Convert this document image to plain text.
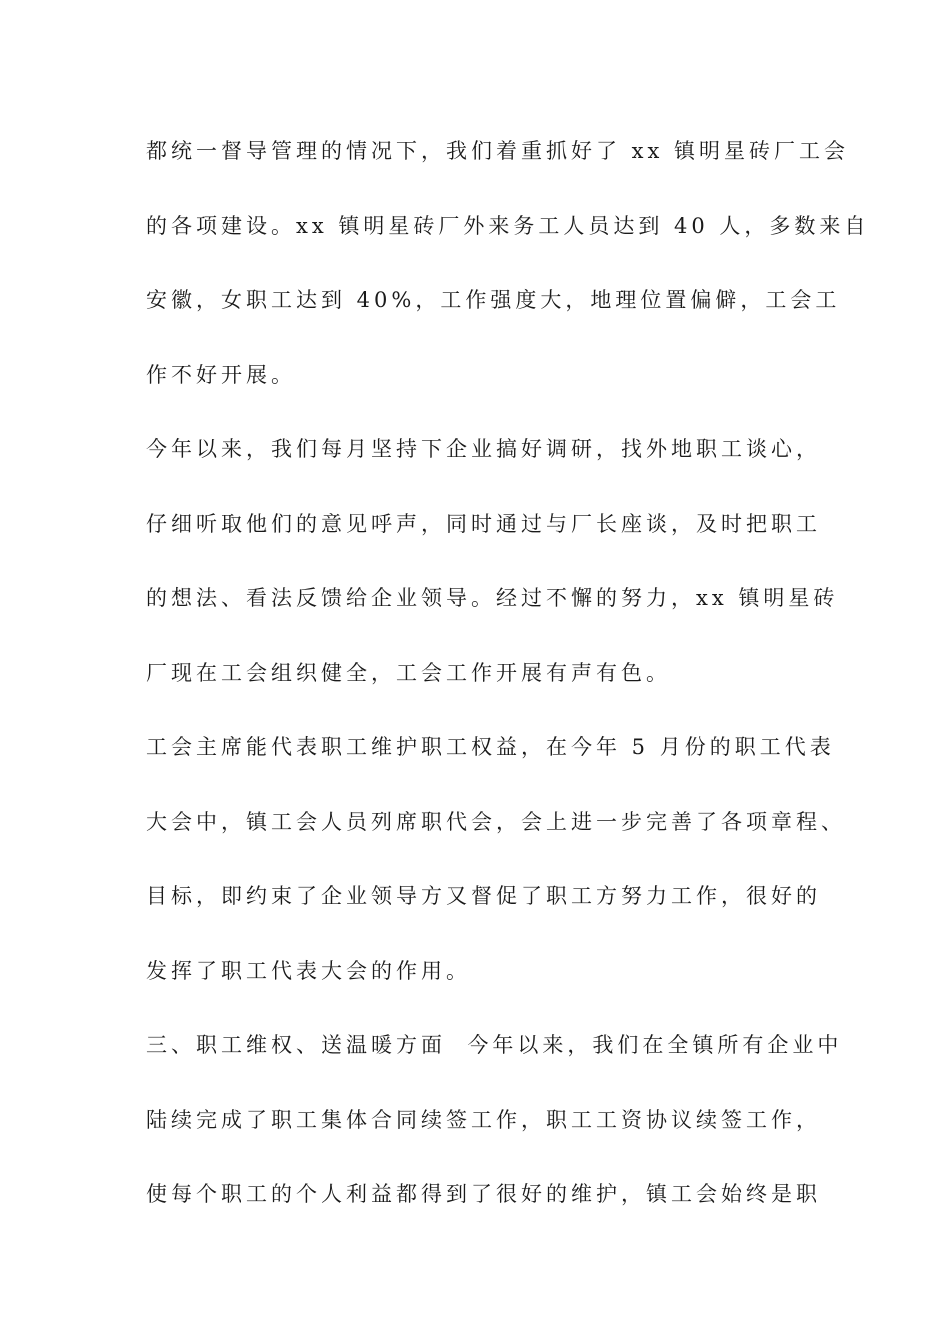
都统一督导管理的情况下，我们着重抓好了 xx 镇明星砖厂工会
的各项建设。xx 镇明星砖厂外来务工人员达到 40 人，多数来自
安徽，女职工达到 40%，工作强度大，地理位置偏僻，工会工
作不好开展。
今年以来，我们每月坚持下企业搞好调研，找外地职工谈心，
仔细听取他们的意见呼声，同时通过与厂长座谈，及时把职工
的想法、看法反馈给企业领导。经过不懈的努力，xx 镇明星砖
厂现在工会组织健全，工会工作开展有声有色。
工会主席能代表职工维护职工权益，在今年 5 月份的职工代表
大会中，镇工会人员列席职代会，会上进一步完善了各项章程、
目标，即约束了企业领导方又督促了职工方努力工作，很好的
发挥了职工代表大会的作用。
三、职工维权、送温暖方面  今年以来，我们在全镇所有企业中
陆续完成了职工集体合同续签工作，职工工资协议续签工作，
使每个职工的个人利益都得到了很好的维护，镇工会始终是职
